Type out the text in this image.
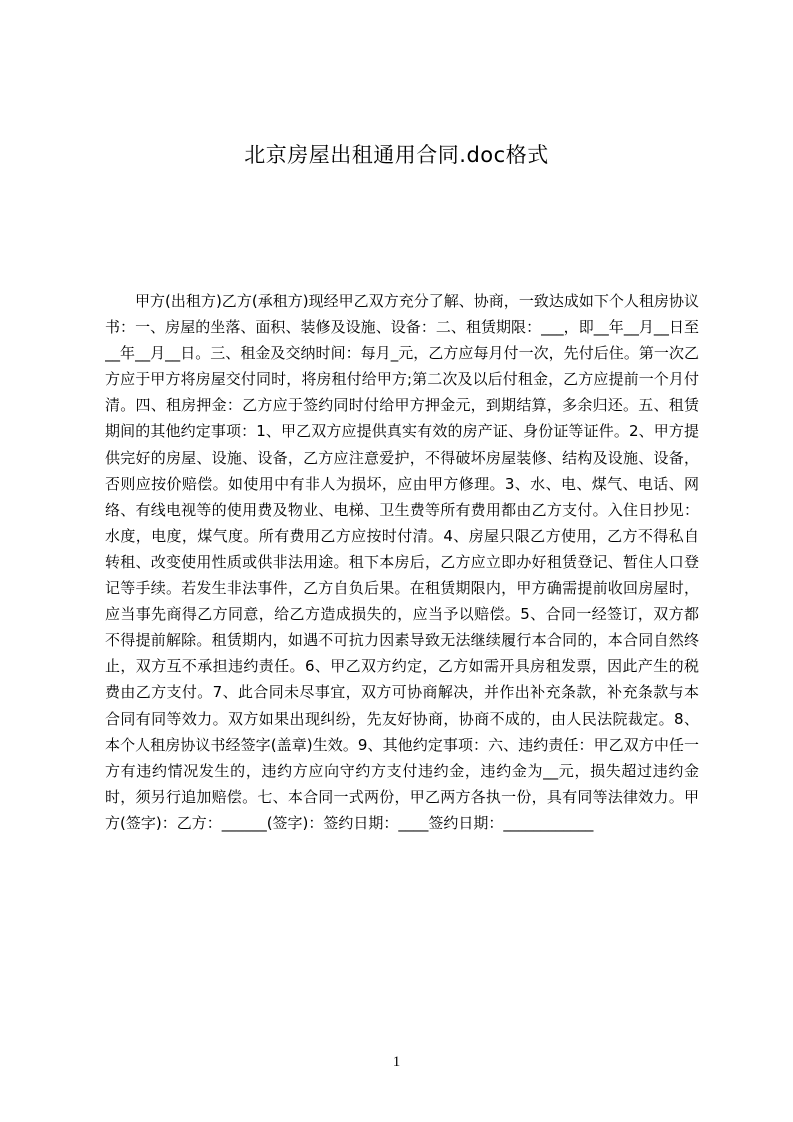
北京房屋出租通用合同.doc格式

甲方(出租方)乙方(承租方)现经甲乙双方充分了解、协商，一致达成如下个人租房协议书：一、房屋的坐落、面积、装修及设施、设备：二、租赁期限：___，即__年__月__日至__年__月__日。三、租金及交纳时间：每月_元，乙方应每月付一次，先付后住。第一次乙方应于甲方将房屋交付同时，将房租付给甲方;第二次及以后付租金，乙方应提前一个月付清。四、租房押金：乙方应于签约同时付给甲方押金元，到期结算，多余归还。五、租赁期间的其他约定事项：1、甲乙双方应提供真实有效的房产证、身份证等证件。2、甲方提供完好的房屋、设施、设备，乙方应注意爱护，不得破坏房屋装修、结构及设施、设备，否则应按价赔偿。如使用中有非人为损坏，应由甲方修理。3、水、电、煤气、电话、网络、有线电视等的使用费及物业、电梯、卫生费等所有费用都由乙方支付。入住日抄见：水度，电度，煤气度。所有费用乙方应按时付清。4、房屋只限乙方使用，乙方不得私自转租、改变使用性质或供非法用途。租下本房后，乙方应立即办好租赁登记、暂住人口登记等手续。若发生非法事件，乙方自负后果。在租赁期限内，甲方确需提前收回房屋时，应当事先商得乙方同意，给乙方造成损失的，应当予以赔偿。5、合同一经签订，双方都不得提前解除。租赁期内，如遇不可抗力因素导致无法继续履行本合同的，本合同自然终止，双方互不承担违约责任。6、甲乙双方约定，乙方如需开具房租发票，因此产生的税费由乙方支付。7、此合同未尽事宜，双方可协商解决，并作出补充条款，补充条款与本合同有同等效力。双方如果出现纠纷，先友好协商，协商不成的，由人民法院裁定。8、本个人租房协议书经签字(盖章)生效。9、其他约定事项：六、违约责任：甲乙双方中任一方有违约情况发生的，违约方应向守约方支付违约金，违约金为__元，损失超过违约金时，须另行追加赔偿。七、本合同一式两份，甲乙两方各执一份，具有同等法律效力。甲方(签字)：乙方：______(签字)：签约日期：____签约日期：____________

1
